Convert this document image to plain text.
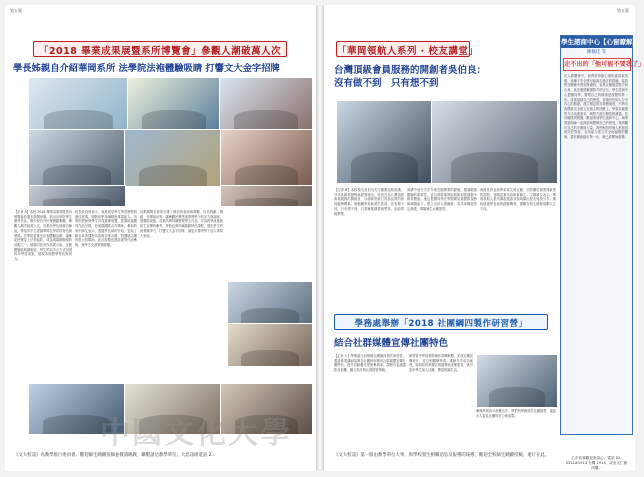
第五版
「2018 畢業成果展暨系所博覽會」參觀人潮破萬人次
學長姊親自介紹華岡系所 法學院法袍體驗吸睛 打響文大金字招牌
【記者 A】本校 2018 畢業成果展暨系所博覽會於週末熱鬧登場，展出各學院學生優秀作品，吸引校內外民眾踴躍參觀，參觀人潮突破萬人次。各系所學長姊親自解說，帶領高中生認識華岡各學系的特色與發展。法學院更推出法袍體驗活動，讓參訪民眾穿上法袍留影，成為現場最吸睛的活動之一。展場另設有作品展示區、互動體驗區與講座區，學生們以多元方式呈現四年學習成果，展現本校教學特色與實力。
校長致詞時表示，成果展是學生學習歷程的最佳展現，期勉同學持續精進專業能力。各學院教師與學生共同籌備展覽，從場地規劃到作品呈現，皆展現團隊合作精神。參與的高中師生表示，透過學長姊的介紹，更能了解各系所課程內容與未來出路，對選填志願有很大的幫助。此次展覽也邀請業界代表參與，與學生交流實務經驗。
活動期間各系所安排了精彩的表演與導覽，包括戲劇、舞蹈、音樂演出等，讓參觀民眾感受華岡學子的活力與創意。展覽結束後，各系所將持續整理學生作品，作為教學改進與招生宣傳的參考。學校也將持續推動特色課程，強化學生的就業競爭力，打響文大金字招牌，讓更多優秀學子加入華岡大家庭。
《文大校訊》為教學推行委員會、歡迎師生踴躍投稿並敬請賜教，聯繫請洽教學單位、大息訊組電話 2...
第五版
「華岡領航人系列 ‧ 校友講堂」
台灣頂級會員服務的開創者吳伯良：
沒有做不到　只有想不到
【記者 B】本校校友吳伯良先生應邀返校演講，分享其創業歷程與經營理念。吳伯良為台灣頂級會員服務的開創者，以創新思維打造高品質的會員服務體系。他勉勵學弟妹勇於嘗試，沒有做不到，只有想不到，只要懷抱熱情與堅持，必能實現夢想。
演講中他分享多年來在服務業的經驗，強調顧客體驗的重要性，並以實際案例說明如何從細節中創造價值。他也提醒同學在學期間培養國際視野與溝通能力，建立良好人際網絡，為未來職涯奠定基礎，現場師生反應熱烈。
會後吳伯良與學弟妹交流互動，回答關於創業與就業的提問，並贈送著作給與會師生。主辦單位表示，華岡領航人系列講座邀請各領域傑出校友返校分享，期盼透過學長姐的經驗傳承，激勵在校生積極規劃人生方向。
學務處舉辦「2018 社團綱四製作研習營」
結合社群媒體宣傳社團特色
【記者 C】學務處日前舉辦社團綱四製作研習營，邀請專業講師指導各社團幹部運用社群媒體宣傳社團特色，提升活動曝光度與參與率。課程內容涵蓋影音拍攝、圖文設計與社群經營策略。
研習營中學員實際操作剪輯軟體，完成社團宣傳短片，並互相觀摩學習。講師分享成功案例，說明如何掌握社群趨勢與受眾需求，吸引更多學生加入社團，豐富校園生活。
參與學員表示收穫良多，將把所學應用於社團經營，讓更多人看見社團的努力與成果。
學生諮商中心【心窗瞭解】
陳佩佳 等
走不出的「他可能不要我了」
在人際關係中，我們常常擔心被拒絕或被放棄，這種不安全感可能源自過去的經驗。當我們在關係中感到焦慮時，容易反覆確認對方的心意，甚至過度解讀對方的言行。學生諮商中心提醒同學，覺察自己的情緒是改變的第一步。試著接納自己的感受，並與信任的人分享內心的擔憂。建立穩定的自我價值感，不將自我價值完全建立在他人的回應上。學習以健康的方式表達需求，與對方進行開放的溝通。若持續感到困擾，歡迎來到學生諮商中心，與專業諮商師一起探索與整理自己的感受，找到屬於自己的平衡與力量。我們相信每個人都值得被好好對待，也有能力建立安全而溫暖的關係。當你願意踏出第一步，就已經開始改變。
心中有事歡迎來談心，電話 02-0311#1913 分機 1913，或至大仁館四樓。
《文大校訊》第一版由教學單位大事，與學校發生相關消息及報導的報導，歡迎全校師生踴躍投稿，連行在此。
中國文化大學
